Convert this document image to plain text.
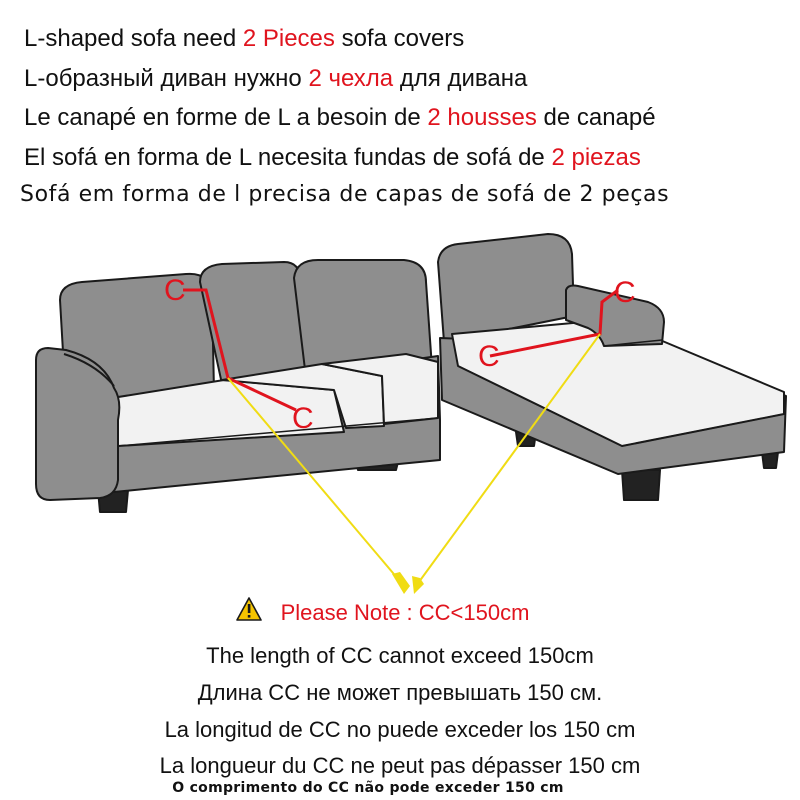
L-shaped sofa need 2 Pieces sofa covers
L-образный диван нужно 2 чехла для дивана
Le canapé en forme de L a besoin de 2 housses de canapé
El sofá en forma de L necesita fundas de sofá de 2 piezas
Sofá em forma de l precisa de capas de sofá de 2 peças
C
C
C
C
Please Note : CC<150cm
The length of CC cannot exceed 150cm
Длина CC не может превышать 150 см.
La longitud de CC no puede exceder los 150 cm
La longueur du CC ne peut pas dépasser 150 cm
O comprimento do CC não pode exceder 150 cm
